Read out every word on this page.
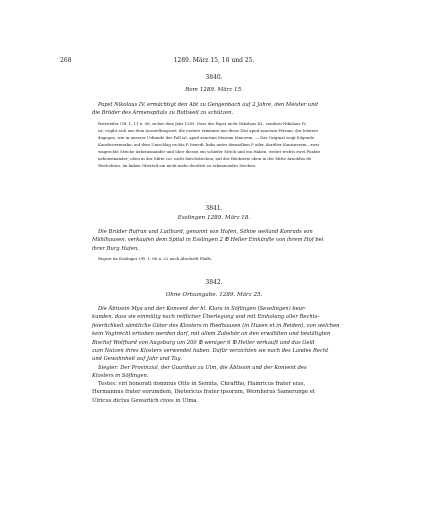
268	1289. März 15, 18 und 25.
3840.
Rom 1289. März 15.
Papst Nikolaus IV. ermächtigt den Abt zu Gengenbach auf 2 Jahre, den Meister und
die Brüder des Armenspitals zu Rottweil zu schützen.
Rottweiler UB. 1, 11 n. 96, sicher dem Jahr 1289. Dass der Papst nicht Nikolaus III., sondern Nikolaus IV.
ist, ergibt sich aus dem Ausstellungsort; die erstere erkannte nur diese Zeit apud sanctum Petrum, der letztere
dagegen, wie in unserer Urkunde der Fall ist, apud sanctam Mariam Maiorem. — Das Original zeigt folgende
Kanzleivermerke: auf dem Umschlag rechts P. benedi, links unter demselben P oder, darüber Kontraverm., zwei
wagrechte Striche nebeneinander und über diesen ein schiefer Strich und ein Haken, weiter rechts zwei Punkte
nebeneinander; oben in der Mitte coi. nicht durchstrichen; auf der Rückseite oben in der Mitte Arnoldus de
Wecholtein, im linken Oberteil ein nicht mehr deutlich zu erkennendes Zeichen.
3841.
Esslingen 1289. März 18.
Die Brüder Rufran und Luithard, genannt von Hafen, Söhne weiland Konrads von
Mühlhausen, verkaufen dem Spital in Esslingen 2 ℔ Heller Einkünfte von ihrem Hof bei
ihrer Burg Hafen.
Regest im Esslinger UB. 1, 86 n. 22 nach Abschrift Pfaffs.
3842.
Ohne Ortsangabe. 1289. März 25.
Die Äbtissin Mya und der Konvent der hl. Klara in Söflingen (Sevelingen) beur-
kunden, dass sie einmütig nach reiflicher Überlegung und mit Einholung aller Rechts-
feierlichkeit sämtliche Güter des Klosters in Riedhausen (in Husen et in Reiden), von welchen
kein Vogtrecht erhoben werden darf, mit allem Zubehör an den erwählten und bestätigten
Bischof Wolfhard von Augsburg um 200 ℔ weniger 6 ℔ Heller verkauft und das Geld
zum Nutzen ihres Klosters verwendet haben. Dafür verzichten sie nach des Landes Recht
und Gewohnheit auf Jahr und Tag.
Siegler: Der Provinzial, der Guardian zu Ulm, die Äbtissin und der Konvent des
Klosters in Söflingen.
Testes: viri honorati dominus Otto in Semita, Chraftho, Hainricus frater eius,
Hermannus frater eorumdem, Dietericus frater ipsorum, Wernherus Samerunge et
Ulricus dictus Gewarlich cives in Ulma.
